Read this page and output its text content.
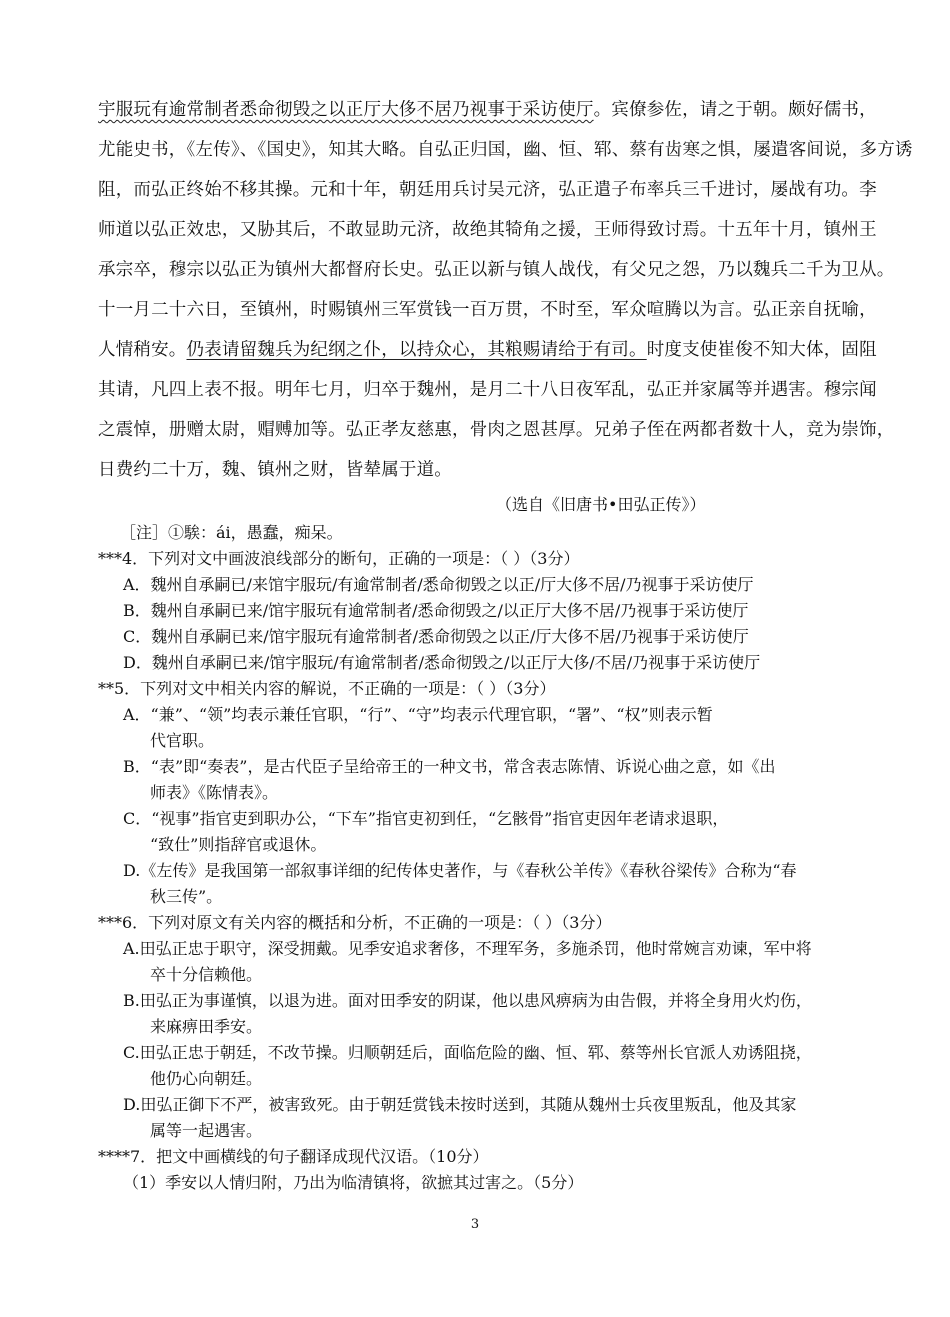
宇服玩有逾常制者悉命彻毁之以正厅大侈不居乃视事于采访使厅。宾僚参佐，请之于朝。颇好儒书，
尤能史书，《左传》、《国史》，知其大略。自弘正归国，幽、恒、郓、蔡有齿寒之惧，屡遣客间说，多方诱
阻，而弘正终始不移其操。元和十年，朝廷用兵讨吴元济，弘正遣子布率兵三千进讨，屡战有功。李
师道以弘正效忠，又胁其后，不敢显助元济，故绝其犄角之援，王师得致讨焉。十五年十月，镇州王
承宗卒，穆宗以弘正为镇州大都督府长史。弘正以新与镇人战伐，有父兄之怨，乃以魏兵二千为卫从。
十一月二十六日，至镇州，时赐镇州三军赏钱一百万贯，不时至，军众喧腾以为言。弘正亲自抚喻，
人情稍安。仍表请留魏兵为纪纲之仆，以持众心，其粮赐请给于有司。时度支使崔俊不知大体，固阻
其请，凡四上表不报。明年七月，归卒于魏州，是月二十八日夜军乱，弘正并家属等并遇害。穆宗闻
之震悼，册赠太尉，赗赙加等。弘正孝友慈惠，骨肉之恩甚厚。兄弟子侄在两都者数十人，竞为崇饰，
日费约二十万，魏、镇州之财，皆辇属于道。
（选自《旧唐书•田弘正传》）
［注］①騃：ái，愚蠢，痴呆。
***4．下列对文中画波浪线部分的断句，正确的一项是：（ ）（3分）
A．魏州自承嗣已/来馆宇服玩/有逾常制者/悉命彻毁之以正/厅大侈不居/乃视事于采访使厅
B．魏州自承嗣已来/馆宇服玩有逾常制者/悉命彻毁之/以正厅大侈不居/乃视事于采访使厅
C．魏州自承嗣已来/馆宇服玩有逾常制者/悉命彻毁之以正/厅大侈不居/乃视事于采访使厅
D．魏州自承嗣已来/馆宇服玩/有逾常制者/悉命彻毁之/以正厅大侈/不居/乃视事于采访使厅
**5．下列对文中相关内容的解说，不正确的一项是：（ ）（3分）
A．“兼”、“领”均表示兼任官职，“行”、“守”均表示代理官职，“署”、“权”则表示暂
代官职。
B．“表”即“奏表”，是古代臣子呈给帝王的一种文书，常含表志陈情、诉说心曲之意，如《出
师表》《陈情表》。
C．“视事”指官吏到职办公，“下车”指官吏初到任，“乞骸骨”指官吏因年老请求退职，
“致仕”则指辞官或退休。
D.《左传》是我国第一部叙事详细的纪传体史著作，与《春秋公羊传》《春秋谷梁传》合称为“春
秋三传”。
***6．下列对原文有关内容的概括和分析，不正确的一项是：（ ）（3分）
A.田弘正忠于职守，深受拥戴。见季安追求奢侈，不理军务，多施杀罚，他时常婉言劝谏，军中将
卒十分信赖他。
B.田弘正为事谨慎，以退为进。面对田季安的阴谋，他以患风痹病为由告假，并将全身用火灼伤，
来麻痹田季安。
C.田弘正忠于朝廷，不改节操。归顺朝廷后，面临危险的幽、恒、郓、蔡等州长官派人劝诱阻挠，
他仍心向朝廷。
D.田弘正御下不严，被害致死。由于朝廷赏钱未按时送到，其随从魏州士兵夜里叛乱，他及其家
属等一起遇害。
****7．把文中画横线的句子翻译成现代汉语。（10分）
（1）季安以人情归附，乃出为临清镇将，欲摭其过害之。（5分）
3
